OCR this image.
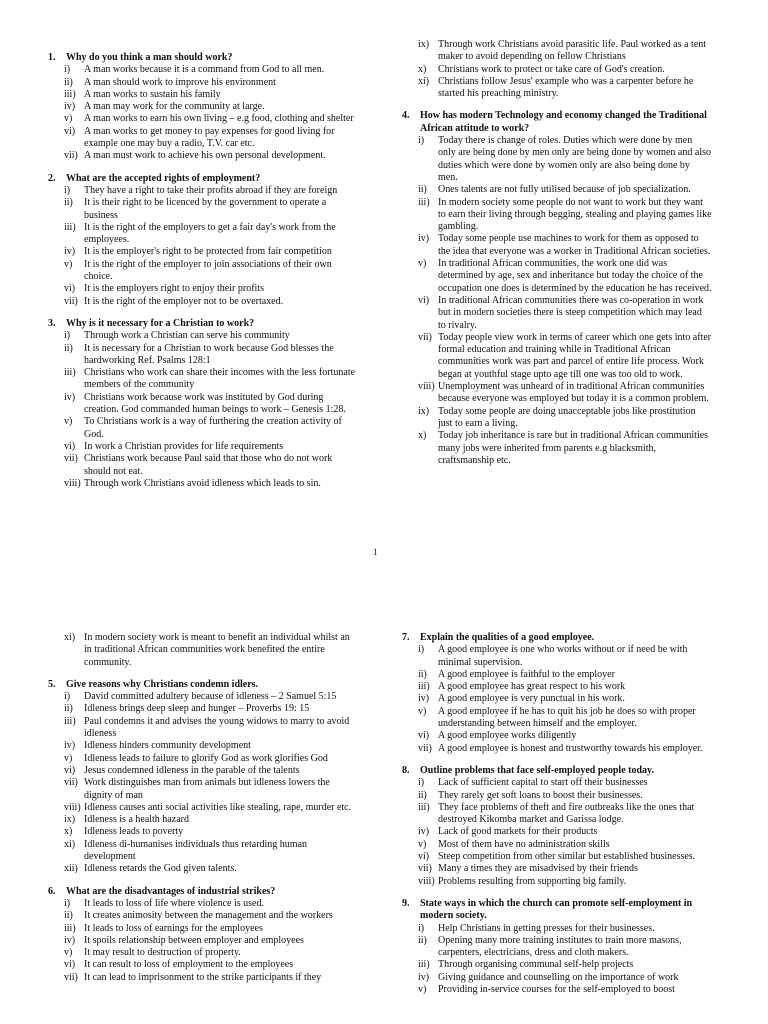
1.	Why do you think a man should work?
i)	A man works because it is a command from God to all men.
ii)	A man should work to improve his environment
iii) A man works to sustain his family
iv) A man may work for the community at large.
v)	A man works to earn his own living – e.g food, clothing and shelter
vi) A man works to get money to pay expenses for good living for example one may buy a radio, T.V. car etc.
vii) A man must work to achieve his own personal development.
2.	What are the accepted rights of employment?
i)	They have a right to take their profits abroad if they are foreign
ii)	It is their right to be licenced by the government to operate a business
iii) It is the right of the employers to get a fair day's work from the employees.
iv) It is the employer's right to be protected from fair competition
v)	It is the right of the employer to join associations of their own choice.
vi) It is the employers right to enjoy their profits
vii) It is the right of the employer not to be overtaxed.
3.	Why is it necessary for a Christian to work?
i)	Through work a Christian can serve his community
ii)	It is necessary for a Christian to work because God blesses the hardworking Ref. Psalms 128:1
iii) Christians who work can share their incomes with the less fortunate members of the community
iv) Christians work because work was instituted by God during creation. God commanded human beings to work – Genesis 1:28.
v)	To Christians work is a way of furthering the creation activity of God.
vi) In work a Christian provides for life requirements
vii) Christians work because Paul said that those who do not work should not eat.
viii) Through work Christians avoid idleness which leads to sin.
ix) Through work Christians avoid parasitic life. Paul worked as a tent maker to avoid depending on fellow Christians
x)	Christians work to protect or take care of God's creation.
xi) Christians follow Jesus' example who was a carpenter before he started his preaching ministry.
4.	How has modern Technology and economy changed the Traditional African attitude to work?
i)	Today there is change of roles. Duties which were done by men only are being done by men only are being done by women and also duties which were done by women only are also being done by men.
ii)	Ones talents are not fully utilised because of job specialization.
iii) In modern society some people do not want to work but they want to earn their living through begging, stealing and playing games like gambling.
iv) Today some people use machines to work for them as opposed to the idea that everyone was a worker in Traditional African societies.
v)	In traditional African communities, the work one did was determined by age, sex and inheritance but today the choice of the occupation one does is determined by the education he has received.
vi) In traditional African communities there was co-operation in work but in modern societies there is steep competition which may lead to rivalry.
vii) Today people view work in terms of career which one gets into after formal education and training while in Traditional African communities work was part and parcel of entire life process. Work began at youthful stage upto age till one was too old to work.
viii) Unemployment was unheard of in traditional African communities because everyone was employed but today it is a common problem.
ix) Today some people are doing unacceptable jobs like prostitution just to earn a living.
x)	Today job inheritance is rare but in traditional African communities many jobs were inherited from parents e.g blacksmith, craftsmanship etc.
1
xi) In modern society work is meant to benefit an individual whilst an in traditional African communities work benefited the entire community.
5.	Give reasons why Christians condemn idlers.
i)	David committed adultery because of idleness – 2 Samuel 5:15
ii)	Idleness brings deep sleep and hunger – Proverbs 19: 15
iii) Paul condemns it and advises the young widows to marry to avoid idleness
iv) Idleness hinders community development
v)	Idleness leads to failure to glorify God as work glorifies God
vi) Jesus condemned idleness in the parable of the talents
vii) Work distinguishes man from animals but idleness lowers the dignity of man
viii) Idleness causes anti social activities like stealing, rape, murder etc.
ix) Idleness is a health hazard
x)	Idleness leads to poverty
xi) Idleness di-humanises individuals thus retarding human development
xii) Idleness retards the God given talents.
6.	What are the disadvantages of industrial strikes?
i)	It leads to loss of life where violence is used.
ii)	It creates animosity between the management and the workers
iii) It leads to loss of earnings for the employees
iv) It spoils relationship between employer and employees
v)	It may result to destruction of property.
vi) It can result to loss of employment to the employees
vii) It can lead to imprisonment to the strike participants if they
7.	Explain the qualities of a good employee.
i)	A good employee is one who works without or if need be with minimal supervision.
ii)	A good employee is faithful to the employer
iii) A good employee has great respect to his work
iv) A good employee is very punctual in his work.
v)	A good employee if he has to quit his job he does so with proper understanding between himself and the employer.
vi) A good employee works diligently
vii) A good employee is honest and trustworthy towards his employer.
8.	Outline problems that face self-employed people today.
i)	Lack of sufficient capital to start off their businesses
ii)	They rarely get soft loans to boost their businesses.
iii) They face problems of theft and fire outbreaks like the ones that destroyed Kikomba market and Garissa lodge.
iv) Lack of good markets for their products
v)	Most of them have no administration skills
vi) Steep competition from other similar but established businesses.
vii) Many a times they are misadvised by their friends
viii) Problems resulting from supporting big family.
9.	State ways in which the church can promote self-employment in modern society.
i)	Help Christians in getting presses for their businesses.
ii)	Opening many more training institutes to train more masons, carpenters, electricians, dress and cloth makers.
iii) Through organising communal self-help projects
iv) Giving guidance and counselling on the importance of work
v)	Providing in-service courses for the self-employed to boost
